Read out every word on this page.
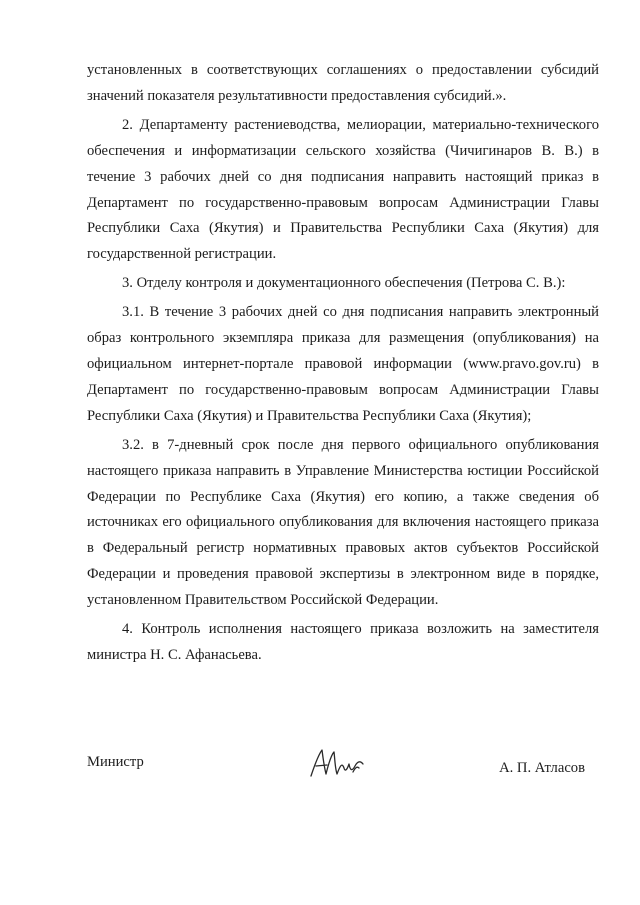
установленных в соответствующих соглашениях о предоставлении субсидий значений показателя результативности предоставления субсидий.».

2. Департаменту растениеводства, мелиорации, материально-технического обеспечения и информатизации сельского хозяйства (Чичигинаров В. В.) в течение 3 рабочих дней со дня подписания направить настоящий приказ в Департамент по государственно-правовым вопросам Администрации Главы Республики Саха (Якутия) и Правительства Республики Саха (Якутия) для государственной регистрации.

3. Отделу контроля и документационного обеспечения (Петрова С. В.):

3.1. В течение 3 рабочих дней со дня подписания направить электронный образ контрольного экземпляра приказа для размещения (опубликования) на официальном интернет-портале правовой информации (www.pravo.gov.ru) в Департамент по государственно-правовым вопросам Администрации Главы Республики Саха (Якутия) и Правительства Республики Саха (Якутия);

3.2. в 7-дневный срок после дня первого официального опубликования настоящего приказа направить в Управление Министерства юстиции Российской Федерации по Республике Саха (Якутия) его копию, а также сведения об источниках его официального опубликования для включения настоящего приказа в Федеральный регистр нормативных правовых актов субъектов Российской Федерации и проведения правовой экспертизы в электронном виде в порядке, установленном Правительством Российской Федерации.

4. Контроль исполнения настоящего приказа возложить на заместителя министра Н. С. Афанасьева.

Министр	А. П. Атласов
